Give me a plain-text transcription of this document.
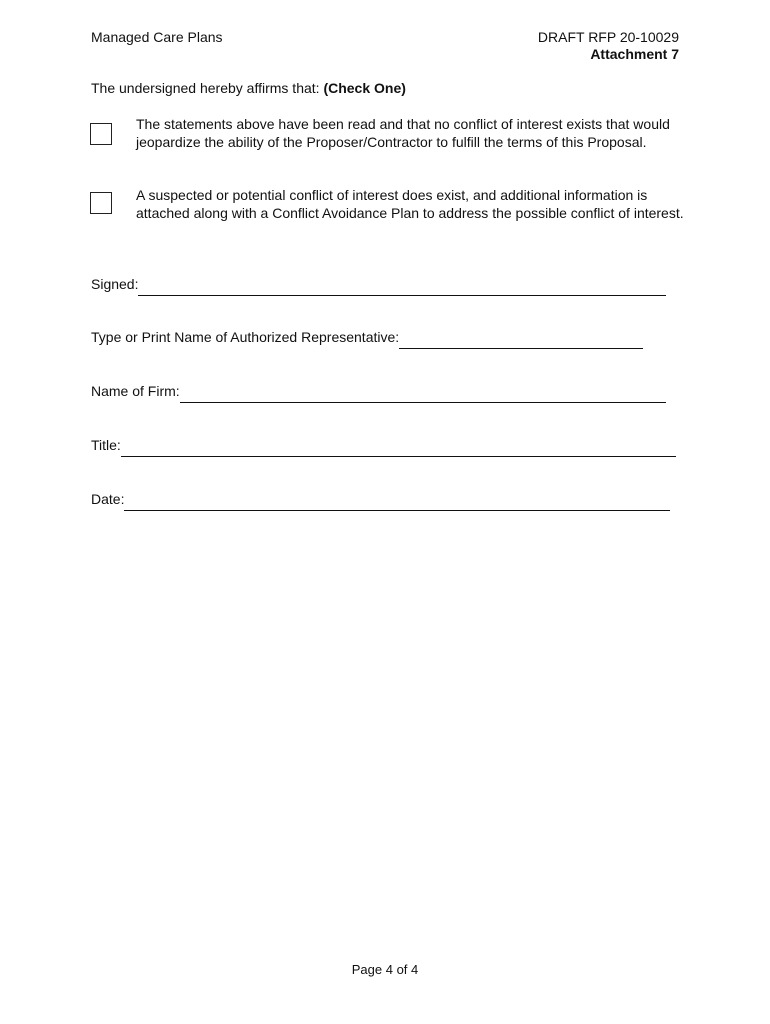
Managed Care Plans	DRAFT RFP 20-10029
Attachment 7
The undersigned hereby affirms that: (Check One)
The statements above have been read and that no conflict of interest exists that would jeopardize the ability of the Proposer/Contractor to fulfill the terms of this Proposal.
A suspected or potential conflict of interest does exist, and additional information is attached along with a Conflict Avoidance Plan to address the possible conflict of interest.
Signed:
Type or Print Name of Authorized Representative:
Name of Firm:
Title:
Date:
Page 4 of 4
